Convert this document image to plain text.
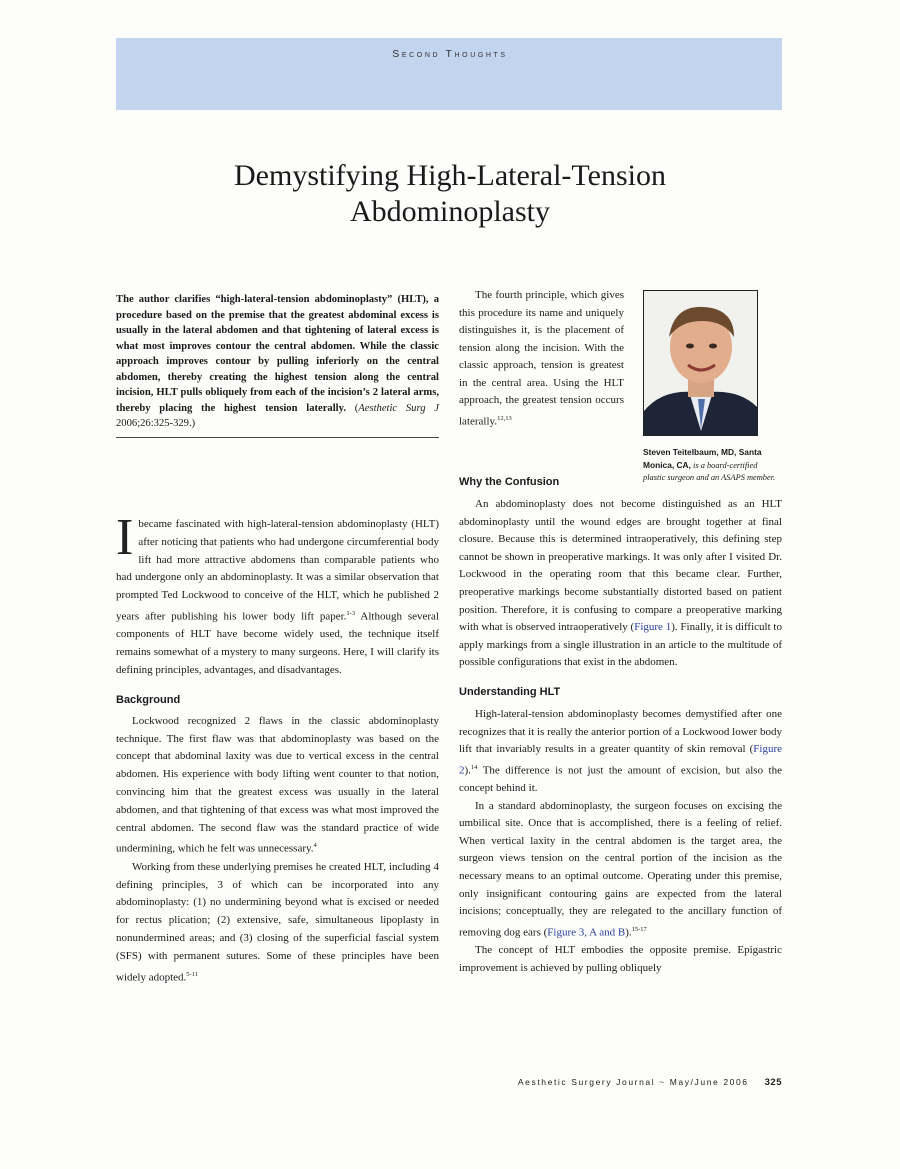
Second Thoughts
Demystifying High-Lateral-Tension
Abdominoplasty
The author clarifies “high-lateral-tension abdominoplasty” (HLT), a procedure based on the premise that the greatest abdominal excess is usually in the lateral abdomen and that tightening of lateral excess is what most improves contour the central abdomen. While the classic approach improves contour by pulling inferiorly on the central abdomen, thereby creating the highest tension along the central incision, HLT pulls obliquely from each of the incision’s 2 lateral arms, thereby placing the highest tension laterally. (Aesthetic Surg J 2006;26:325-329.)

The fourth principle, which gives this procedure its name and uniquely distinguishes it, is the placement of tension along the incision. With the classic approach, tension is greatest in the central area. Using the HLT approach, the greatest tension occurs laterally.$^{12,13}$

Steven Teitelbaum, MD, Santa Monica, CA, is a board-certified plastic surgeon and an ASAPS member.

Ibecame fascinated with high-lateral-tension abdominoplasty (HLT) after noticing that patients who had undergone circumferential body lift had more attractive abdomens than comparable patients who had undergone only an abdominoplasty. It was a similar observation that prompted Ted Lockwood to conceive of the HLT, which he published 2 years after publishing his lower body lift paper.$^{1-3}$ Although several components of HLT have become widely used, the technique itself remains somewhat of a mystery to many surgeons. Here, I will clarify its defining principles, advantages, and disadvantages.

Background

Lockwood recognized 2 flaws in the classic abdominoplasty technique. The first flaw was that abdominoplasty was based on the concept that abdominal laxity was due to vertical excess in the central abdomen. His experience with body lifting went counter to that notion, convincing him that the greatest excess was usually in the lateral abdomen, and that tightening of that excess was what most improved the central abdomen. The second flaw was the standard practice of wide undermining, which he felt was unnecessary.$^4$

Working from these underlying premises he created HLT, including 4 defining principles, 3 of which can be incorporated into any abdominoplasty: (1) no undermining beyond what is excised or needed for rectus plication; (2) extensive, safe, simultaneous lipoplasty in nonundermined areas; and (3) closing of the superficial fascial system (SFS) with permanent sutures. Some of these principles have been widely adopted.$^{5-11}$

Why the Confusion

An abdominoplasty does not become distinguished as an HLT abdominoplasty until the wound edges are brought together at final closure. Because this is determined intraoperatively, this defining step cannot be shown in preoperative markings. It was only after I visited Dr. Lockwood in the operating room that this became clear. Further, preoperative markings become substantially distorted based on patient position. Therefore, it is confusing to compare a preoperative marking with what is observed intraoperatively (Figure 1). Finally, it is difficult to apply markings from a single illustration in an article to the multitude of possible configurations that exist in the abdomen.

Understanding HLT

High-lateral-tension abdominoplasty becomes demystified after one recognizes that it is really the anterior portion of a Lockwood lower body lift that invariably results in a greater quantity of skin removal (Figure 2).$^{14}$ The difference is not just the amount of excision, but also the concept behind it.

In a standard abdominoplasty, the surgeon focuses on excising the umbilical site. Once that is accomplished, there is a feeling of relief. When vertical laxity in the central abdomen is the target area, the surgeon views tension on the central portion of the incision as the necessary means to an optimal outcome. Operating under this premise, only insignificant contouring gains are expected from the lateral incisions; conceptually, they are relegated to the ancillary function of removing dog ears (Figure 3, A and B).$^{15-17}$

The concept of HLT embodies the opposite premise. Epigastric improvement is achieved by pulling obliquely

Aesthetic Surgery Journal ~ May/June 2006 325
